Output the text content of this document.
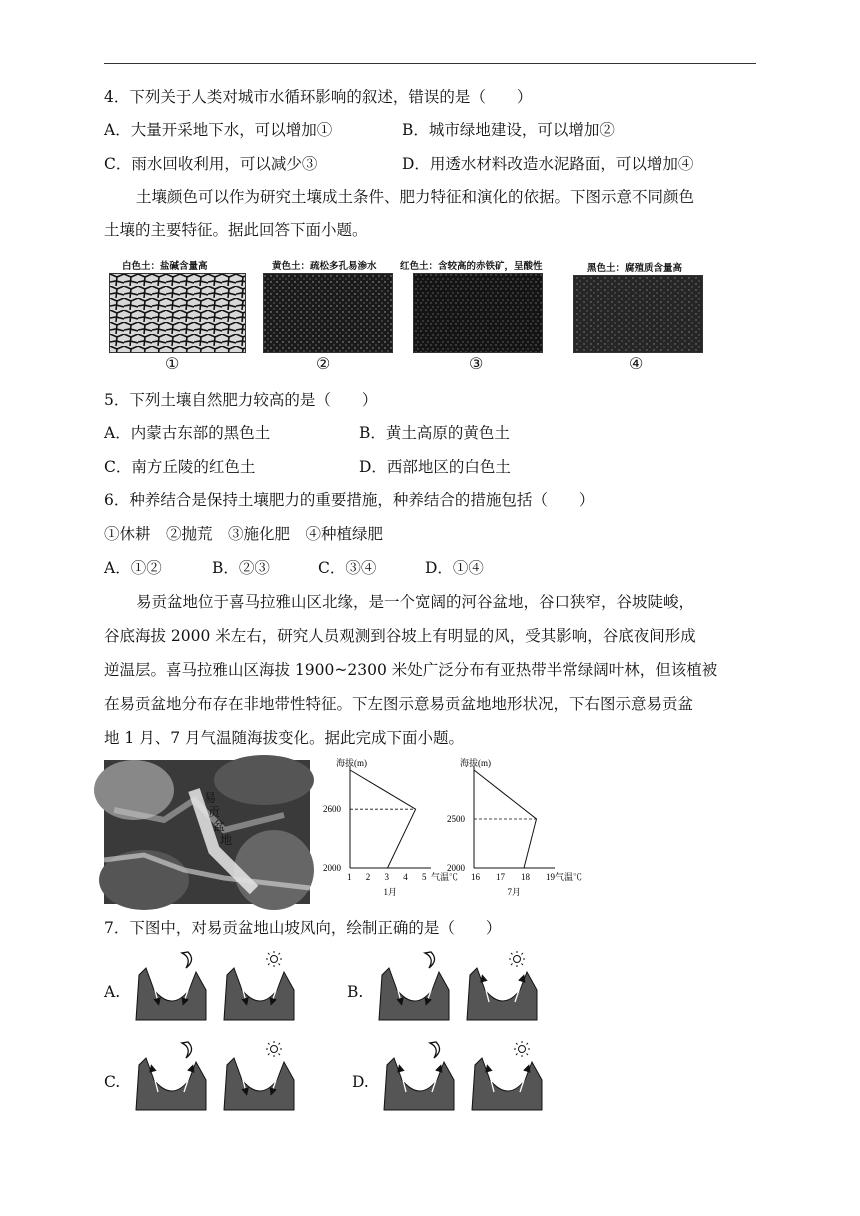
4．下列关于人类对城市水循环影响的叙述，错误的是（　　）
A．大量开采地下水，可以增加①	B．城市绿地建设，可以增加②
C．雨水回收利用，可以减少③	D．用透水材料改造水泥路面，可以增加④
土壤颜色可以作为研究土壤成土条件、肥力特征和演化的依据。下图示意不同颜色
土壤的主要特征。据此回答下面小题。
白色土：盐碱含量高	黄色土：疏松多孔易渗水 红色土：含较高的赤铁矿，呈酸性	黑色土：腐殖质含量高
①	②	③	④
5．下列土壤自然肥力较高的是（　　）
A．内蒙古东部的黑色土	B．黄土高原的黄色土
C．南方丘陵的红色土	D．西部地区的白色土
6．种养结合是保持土壤肥力的重要措施，种养结合的措施包括（　　）
①休耕　②抛荒　③施化肥　④种植绿肥
A．①②	B．②③	C．③④	D．①④
易贡盆地位于喜马拉雅山区北缘，是一个宽阔的河谷盆地，谷口狭窄，谷坡陡峻，
谷底海拔 2000 米左右，研究人员观测到谷坡上有明显的风，受其影响，谷底夜间形成
逆温层。喜马拉雅山区海拔 1900~2300 米处广泛分布有亚热带半常绿阔叶林，但该植被
在易贡盆地分布存在非地带性特征。下左图示意易贡盆地地形状况，下右图示意易贡盆
地 1 月、7 月气温随海拔变化。据此完成下面小题。
易贡盆地
海拔(m)
1 2 3 4 5 气温℃
2000
2600
1月
海拔(m)
16 17 18 19 气温℃
2000
2500
7月
7．下图中，对易贡盆地山坡风向，绘制正确的是（　　）
A.	B.
C.	D.
